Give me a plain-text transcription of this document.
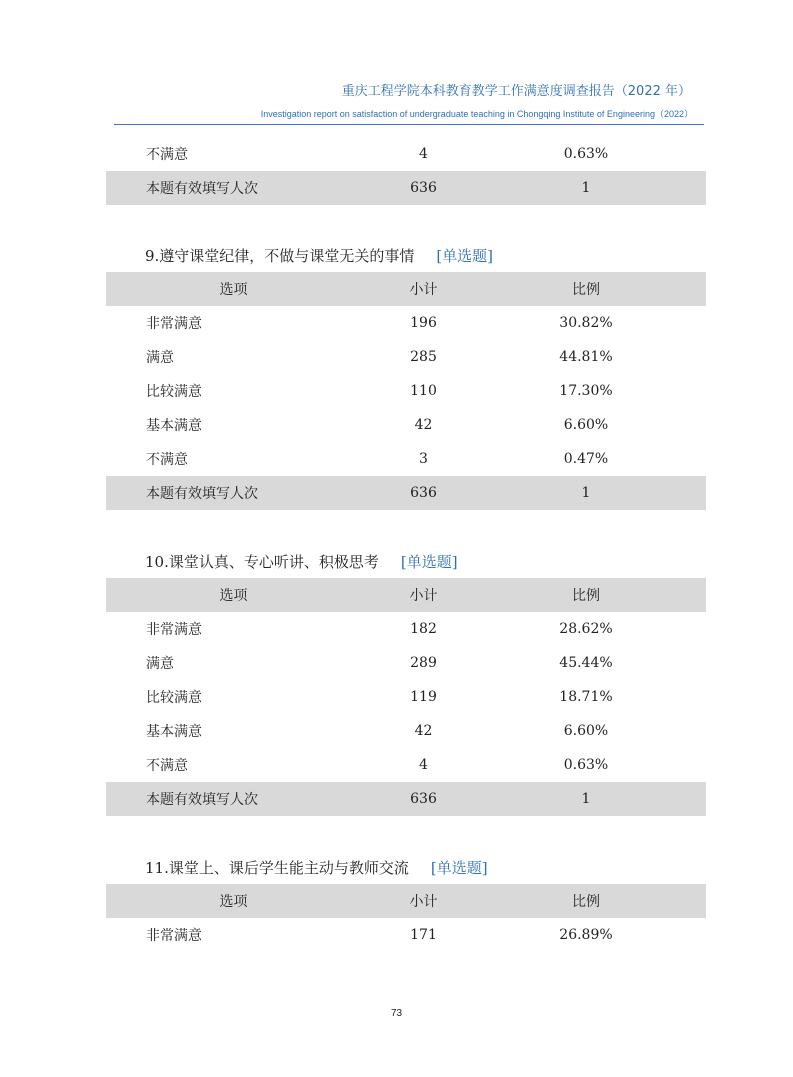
重庆工程学院本科教育教学工作满意度调查报告（2022 年）
Investigation report on satisfaction of undergraduate teaching in Chongqing Institute of Engineering（2022）
不满意	4	0.63%
本题有效填写人次	636	1
9.遵守课堂纪律，不做与课堂无关的事情 [单选题]
选项	小计	比例
非常满意	196	30.82%
满意	285	44.81%
比较满意	110	17.30%
基本满意	42	6.60%
不满意	3	0.47%
本题有效填写人次	636	1
10.课堂认真、专心听讲、积极思考 [单选题]
选项	小计	比例
非常满意	182	28.62%
满意	289	45.44%
比较满意	119	18.71%
基本满意	42	6.60%
不满意	4	0.63%
本题有效填写人次	636	1
11.课堂上、课后学生能主动与教师交流 [单选题]
选项	小计	比例
非常满意	171	26.89%
73
